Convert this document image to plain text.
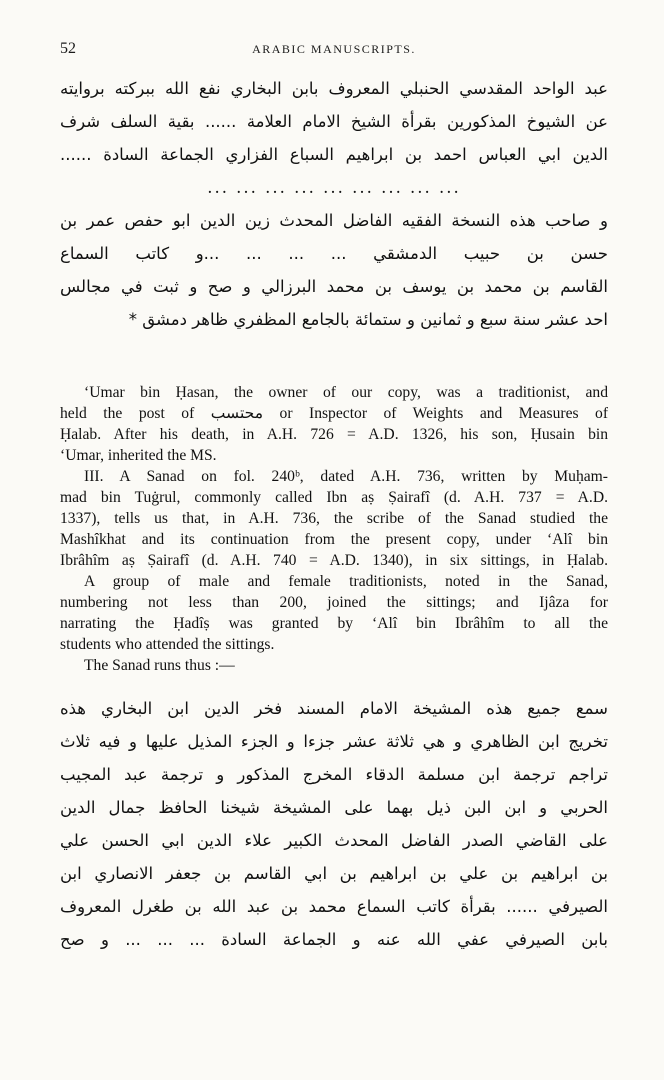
52	ARABIC MANUSCRIPTS.
عبد الواحد المقدسي الحنبلي المعروف بابن البخاري نفع الله ببركته بروايته
عن الشيوخ المذكورين بقرأة الشيخ الامام العلامة ...... بقية السلف شرف
الدين ابي العباس احمد بن ابراهيم السباع الفزاري الجماعة السادة ......
... ... ... ... ... ... ... ... ...
و صاحب هذه النسخة الفقيه الفاضل المحدث زين الدين ابو حفص عمر بن
حسن بن حبيب الدمشقي ... ... ... ...و كاتب السماع
القاسم بن محمد بن يوسف بن محمد البرزالي و صح و ثبت في مجالس
احد عشر سنة سبع و ثمانين و ستمائة بالجامع المظفري ظاهر دمشق *
‘Umar bin Ḥasan, the owner of our copy, was a traditionist, and
held the post of محتسب or Inspector of Weights and Measures of
Ḥalab. After his death, in A.H. 726 = A.D. 1326, his son, Ḥusain bin
‘Umar, inherited the MS.
III. A Sanad on fol. 240ᵇ, dated A.H. 736, written by Muḥam-
mad bin Tuġrul, commonly called Ibn aṣ Ṣairafî (d. A.H. 737 = A.D.
1337), tells us that, in A.H. 736, the scribe of the Sanad studied the
Mashîkhat and its continuation from the present copy, under ‘Alî bin
Ibrâhîm aṣ Ṣairafî (d. A.H. 740 = A.D. 1340), in six sittings, in Ḥalab.
A group of male and female traditionists, noted in the Sanad,
numbering not less than 200, joined the sittings; and Ijâza for
narrating the Ḥadîṣ was granted by ‘Alî bin Ibrâhîm to all the
students who attended the sittings.
The Sanad runs thus :—
سمع جميع هذه المشيخة الامام المسند فخر الدين ابن البخاري هذه
تخريج ابن الظاهري و هي ثلاثة عشر جزءا و الجزء المذيل عليها و فيه ثلاث
تراجم ترجمة ابن مسلمة الدقاء المخرج المذكور و ترجمة عبد المجيب
الحربي و ابن البن ذيل بهما على المشيخة شيخنا الحافظ جمال الدين
على القاضي الصدر الفاضل المحدث الكبير علاء الدين ابي الحسن علي
بن ابراهيم بن علي بن ابراهيم بن ابي القاسم بن جعفر الانصاري ابن
الصيرفي ...... بقرأة كاتب السماع محمد بن عبد الله بن طغرل المعروف
بابن الصيرفي عفي الله عنه و الجماعة السادة ... ... ... و صح
